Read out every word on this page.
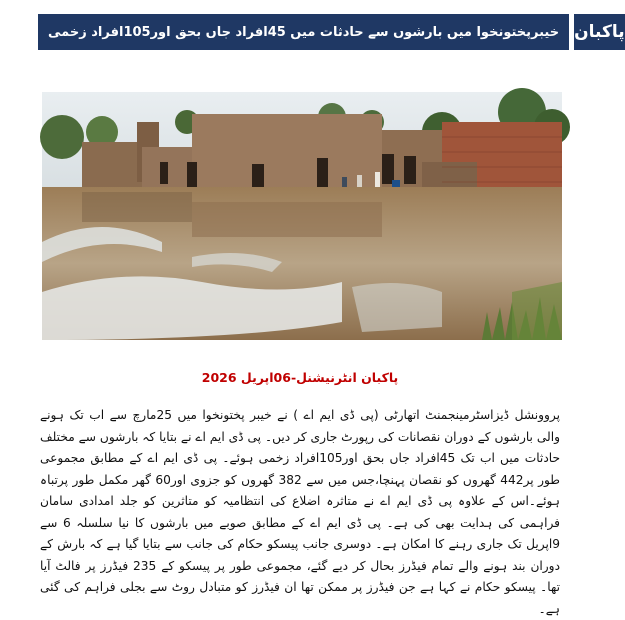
خیبرپختونخوا میں بارشوں سے حادثات میں 45افراد جاں بحق اور105افراد زخمی پاکبان
پاکبان انٹرنیشنل-06اپریل 2026
پروونشل ڈیزاسٹرمینجمنٹ اتھارٹی (پی ڈی ایم اے ) نے خیبر پختونخوا میں 25مارچ سے اب تک ہونے والی بارشوں کے دوران نقصانات کی رپورٹ جاری کر دیں۔ پی ڈی ایم اے نے بتایا کہ بارشوں سے مختلف حادثات میں اب تک 45افراد جاں بحق اور105افراد زخمی ہوئے۔ پی ڈی ایم اے کے مطابق مجموعی طور پر442 گھروں کو نقصان پہنچا،جس میں سے 382 گھروں کو جزوی اور60 گھر مکمل طور پرتباہ ہوئے۔اس کے علاوہ پی ڈی ایم اے نے متاثرہ اضلاع کی انتظامیہ کو متاثرین کو جلد امدادی سامان فراہمی کی ہدایت بھی کی ہے۔ پی ڈی ایم اے کے مطابق صوبے میں بارشوں کا نیا سلسلہ 6 سے 9اپریل تک جاری رہنے کا امکان ہے۔ دوسری جانب پیسکو حکام کی جانب سے بتایا گیا ہے کہ بارش کے دوران بند ہونے والے تمام فیڈرز بحال کر دیے گئے، مجموعی طور پر پیسکو کے 235 فیڈرز پر فالٹ آیا تھا۔ پیسکو حکام نے کہا ہے جن فیڈرز پر ممکن تھا ان فیڈرز کو متبادل روٹ سے بجلی فراہم کی گئی ہے۔
